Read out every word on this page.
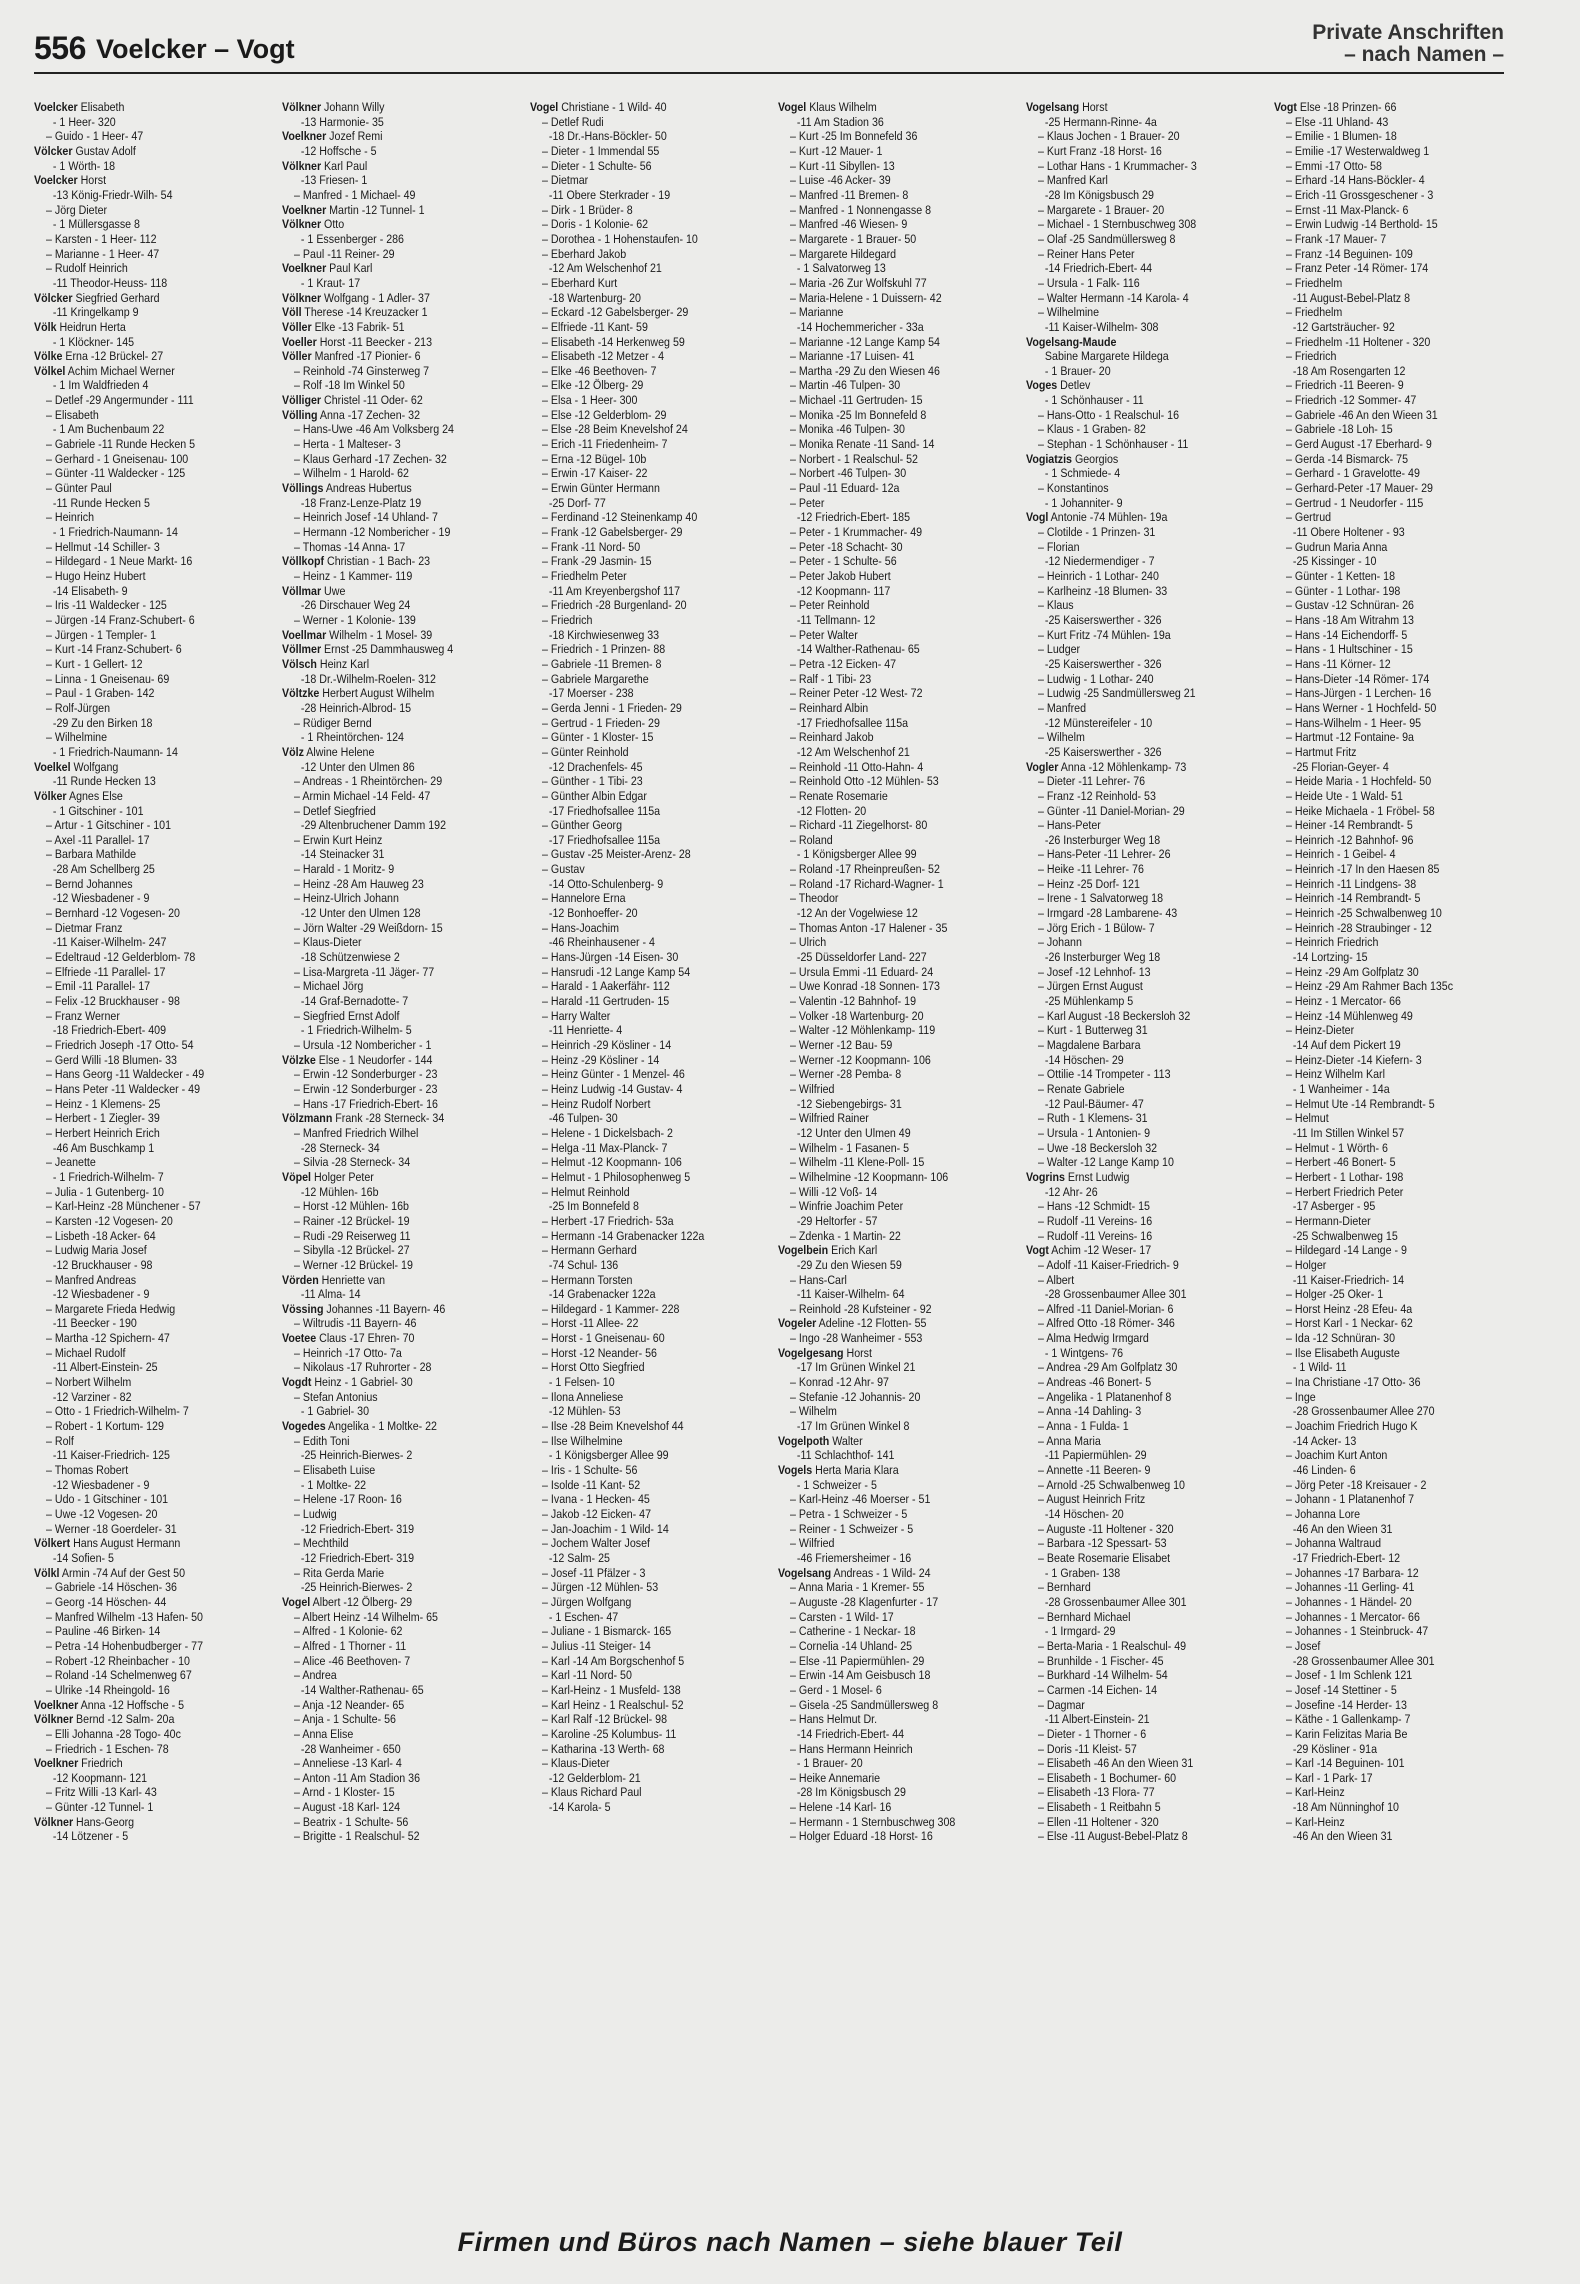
556 Voelcker – Vogt
Private Anschriften
– nach Namen –
Voelcker Elisabeth
- 1 Heer- 320
– Guido - 1 Heer- 47
Völcker Gustav Adolf
- 1 Wörth- 18
Voelcker Horst
-13 König-Friedr-Wilh- 54
– Jörg Dieter
- 1 Müllersgasse 8
– Karsten - 1 Heer- 112
– Marianne - 1 Heer- 47
– Rudolf Heinrich
-11 Theodor-Heuss- 118
Völcker Siegfried Gerhard
-11 Kringelkamp 9
Völk Heidrun Herta
- 1 Klöckner- 145
Völke Erna -12 Brückel- 27
Völkel Achim Michael Werner
- 1 Im Waldfrieden 4
– Detlef -29 Angermunder - 111
– Elisabeth
- 1 Am Buchenbaum 22
– Gabriele -11 Runde Hecken 5
– Gerhard - 1 Gneisenau- 100
– Günter -11 Waldecker - 125
– Günter Paul
-11 Runde Hecken 5
– Heinrich
- 1 Friedrich-Naumann- 14
– Hellmut -14 Schiller- 3
– Hildegard - 1 Neue Markt- 16
– Hugo Heinz Hubert
-14 Elisabeth- 9
– Iris -11 Waldecker - 125
– Jürgen -14 Franz-Schubert- 6
– Jürgen - 1 Templer- 1
– Kurt -14 Franz-Schubert- 6
– Kurt - 1 Gellert- 12
– Linna - 1 Gneisenau- 69
– Paul - 1 Graben- 142
– Rolf-Jürgen
-29 Zu den Birken 18
– Wilhelmine
- 1 Friedrich-Naumann- 14
Voelkel Wolfgang
-11 Runde Hecken 13
Völker Agnes Else
- 1 Gitschiner - 101
– Artur - 1 Gitschiner - 101
– Axel -11 Parallel- 17
– Barbara Mathilde
-28 Am Schellberg 25
– Bernd Johannes
-12 Wiesbadener - 9
– Bernhard -12 Vogesen- 20
– Dietmar Franz
-11 Kaiser-Wilhelm- 247
– Edeltraud -12 Gelderblom- 78
– Elfriede -11 Parallel- 17
– Emil -11 Parallel- 17
– Felix -12 Bruckhauser - 98
– Franz Werner
-18 Friedrich-Ebert- 409
– Friedrich Joseph -17 Otto- 54
– Gerd Willi -18 Blumen- 33
– Hans Georg -11 Waldecker - 49
– Hans Peter -11 Waldecker - 49
– Heinz - 1 Klemens- 25
– Herbert - 1 Ziegler- 39
– Herbert Heinrich Erich
-46 Am Buschkamp 1
– Jeanette
- 1 Friedrich-Wilhelm- 7
– Julia - 1 Gutenberg- 10
– Karl-Heinz -28 Münchener - 57
– Karsten -12 Vogesen- 20
– Lisbeth -18 Acker- 64
– Ludwig Maria Josef
-12 Bruckhauser - 98
– Manfred Andreas
-12 Wiesbadener - 9
– Margarete Frieda Hedwig
-11 Beecker - 190
– Martha -12 Spichern- 47
– Michael Rudolf
-11 Albert-Einstein- 25
– Norbert Wilhelm
-12 Varziner - 82
– Otto - 1 Friedrich-Wilhelm- 7
– Robert - 1 Kortum- 129
– Rolf
-11 Kaiser-Friedrich- 125
– Thomas Robert
-12 Wiesbadener - 9
– Udo - 1 Gitschiner - 101
– Uwe -12 Vogesen- 20
– Werner -18 Goerdeler- 31
Völkert Hans August Hermann
-14 Sofien- 5
Völkl Armin -74 Auf der Gest 50
– Gabriele -14 Höschen- 36
– Georg -14 Höschen- 44
– Manfred Wilhelm -13 Hafen- 50
– Pauline -46 Birken- 14
– Petra -14 Hohenbudberger - 77
– Robert -12 Rheinbacher - 10
– Roland -14 Schelmenweg 67
– Ulrike -14 Rheingold- 16
Voelkner Anna -12 Hoffsche - 5
Völkner Bernd -12 Salm- 20a
– Elli Johanna -28 Togo- 40c
– Friedrich - 1 Eschen- 78
Voelkner Friedrich
-12 Koopmann- 121
– Fritz Willi -13 Karl- 43
– Günter -12 Tunnel- 1
Völkner Hans-Georg
-14 Lötzener - 5
Völkner Johann Willy
-13 Harmonie- 35
Voelkner Jozef Remi
-12 Hoffsche - 5
Völkner Karl Paul
-13 Friesen- 1
– Manfred - 1 Michael- 49
Voelkner Martin -12 Tunnel- 1
Völkner Otto
- 1 Essenberger - 286
– Paul -11 Reiner- 29
Voelkner Paul Karl
- 1 Kraut- 17
Völkner Wolfgang - 1 Adler- 37
Völl Therese -14 Kreuzacker 1
Völler Elke -13 Fabrik- 51
Voeller Horst -11 Beecker - 213
Völler Manfred -17 Pionier- 6
– Reinhold -74 Ginsterweg 7
– Rolf -18 Im Winkel 50
Völliger Christel -11 Oder- 62
Völling Anna -17 Zechen- 32
– Hans-Uwe -46 Am Volksberg 24
– Herta - 1 Malteser- 3
– Klaus Gerhard -17 Zechen- 32
– Wilhelm - 1 Harold- 62
Völlings Andreas Hubertus
-18 Franz-Lenze-Platz 19
– Heinrich Josef -14 Uhland- 7
– Hermann -12 Nombericher - 19
– Thomas -14 Anna- 17
Völlkopf Christian - 1 Bach- 23
– Heinz - 1 Kammer- 119
Völlmar Uwe
-26 Dirschauer Weg 24
– Werner - 1 Kolonie- 139
Voellmar Wilhelm - 1 Mosel- 39
Völlmer Ernst -25 Dammhausweg 4
Völsch Heinz Karl
-18 Dr.-Wilhelm-Roelen- 312
Völtzke Herbert August Wilhelm
-28 Heinrich-Albrod- 15
– Rüdiger Bernd
- 1 Rheintörchen- 124
Völz Alwine Helene
-12 Unter den Ulmen 86
– Andreas - 1 Rheintörchen- 29
– Armin Michael -14 Feld- 47
– Detlef Siegfried
-29 Altenbruchener Damm 192
– Erwin Kurt Heinz
-14 Steinacker 31
– Harald - 1 Moritz- 9
– Heinz -28 Am Hauweg 23
– Heinz-Ulrich Johann
-12 Unter den Ulmen 128
– Jörn Walter -29 Weißdorn- 15
– Klaus-Dieter
-18 Schützenwiese 2
– Lisa-Margreta -11 Jäger- 77
– Michael Jörg
-14 Graf-Bernadotte- 7
– Siegfried Ernst Adolf
- 1 Friedrich-Wilhelm- 5
– Ursula -12 Nombericher - 1
Völzke Else - 1 Neudorfer - 144
– Erwin -12 Sonderburger - 23
– Erwin -12 Sonderburger - 23
– Hans -17 Friedrich-Ebert- 16
Völzmann Frank -28 Sterneck- 34
– Manfred Friedrich Wilhel
-28 Sterneck- 34
– Silvia -28 Sterneck- 34
Vöpel Holger Peter
-12 Mühlen- 16b
– Horst -12 Mühlen- 16b
– Rainer -12 Brückel- 19
– Rudi -29 Reiserweg 11
– Sibylla -12 Brückel- 27
– Werner -12 Brückel- 19
Vörden Henriette van
-11 Alma- 14
Vössing Johannes -11 Bayern- 46
– Wiltrudis -11 Bayern- 46
Voetee Claus -17 Ehren- 70
– Heinrich -17 Otto- 7a
– Nikolaus -17 Ruhrorter - 28
Vogdt Heinz - 1 Gabriel- 30
– Stefan Antonius
- 1 Gabriel- 30
Vogedes Angelika - 1 Moltke- 22
– Edith Toni
-25 Heinrich-Bierwes- 2
– Elisabeth Luise
- 1 Moltke- 22
– Helene -17 Roon- 16
– Ludwig
-12 Friedrich-Ebert- 319
– Mechthild
-12 Friedrich-Ebert- 319
– Rita Gerda Marie
-25 Heinrich-Bierwes- 2
Vogel Albert -12 Ölberg- 29
– Albert Heinz -14 Wilhelm- 65
– Alfred - 1 Kolonie- 62
– Alfred - 1 Thorner - 11
– Alice -46 Beethoven- 7
– Andrea
-14 Walther-Rathenau- 65
– Anja -12 Neander- 65
– Anja - 1 Schulte- 56
– Anna Elise
-28 Wanheimer - 650
– Anneliese -13 Karl- 4
– Anton -11 Am Stadion 36
– Arnd - 1 Kloster- 15
– August -18 Karl- 124
– Beatrix - 1 Schulte- 56
– Brigitte - 1 Realschul- 52
Vogel Christiane - 1 Wild- 40
– Detlef Rudi
-18 Dr.-Hans-Böckler- 50
– Dieter - 1 Immendal 55
– Dieter - 1 Schulte- 56
– Dietmar
-11 Obere Sterkrader - 19
– Dirk - 1 Brüder- 8
– Doris - 1 Kolonie- 62
– Dorothea - 1 Hohenstaufen- 10
– Eberhard Jakob
-12 Am Welschenhof 21
– Eberhard Kurt
-18 Wartenburg- 20
– Eckard -12 Gabelsberger- 29
– Elfriede -11 Kant- 59
– Elisabeth -14 Herkenweg 59
– Elisabeth -12 Metzer - 4
– Elke -46 Beethoven- 7
– Elke -12 Ölberg- 29
– Elsa - 1 Heer- 300
– Else -12 Gelderblom- 29
– Else -28 Beim Knevelshof 24
– Erich -11 Friedenheim- 7
– Erna -12 Bügel- 10b
– Erwin -17 Kaiser- 22
– Erwin Günter Hermann
-25 Dorf- 77
– Ferdinand -12 Steinenkamp 40
– Frank -12 Gabelsberger- 29
– Frank -11 Nord- 50
– Frank -29 Jasmin- 15
– Friedhelm Peter
-11 Am Kreyenbergshof 117
– Friedrich -28 Burgenland- 20
– Friedrich
-18 Kirchwiesenweg 33
– Friedrich - 1 Prinzen- 88
– Gabriele -11 Bremen- 8
– Gabriele Margarethe
-17 Moerser - 238
– Gerda Jenni - 1 Frieden- 29
– Gertrud - 1 Frieden- 29
– Günter - 1 Kloster- 15
– Günter Reinhold
-12 Drachenfels- 45
– Günther - 1 Tibi- 23
– Günther Albin Edgar
-17 Friedhofsallee 115a
– Günther Georg
-17 Friedhofsallee 115a
– Gustav -25 Meister-Arenz- 28
– Gustav
-14 Otto-Schulenberg- 9
– Hannelore Erna
-12 Bonhoeffer- 20
– Hans-Joachim
-46 Rheinhausener - 4
– Hans-Jürgen -14 Eisen- 30
– Hansrudi -12 Lange Kamp 54
– Harald - 1 Aakerfähr- 112
– Harald -11 Gertruden- 15
– Harry Walter
-11 Henriette- 4
– Heinrich -29 Kösliner - 14
– Heinz -29 Kösliner - 14
– Heinz Günter - 1 Menzel- 46
– Heinz Ludwig -14 Gustav- 4
– Heinz Rudolf Norbert
-46 Tulpen- 30
– Helene - 1 Dickelsbach- 2
– Helga -11 Max-Planck- 7
– Helmut -12 Koopmann- 106
– Helmut - 1 Philosophenweg 5
– Helmut Reinhold
-25 Im Bonnefeld 8
– Herbert -17 Friedrich- 53a
– Hermann -14 Grabenacker 122a
– Hermann Gerhard
-74 Schul- 136
– Hermann Torsten
-14 Grabenacker 122a
– Hildegard - 1 Kammer- 228
– Horst -11 Allee- 22
– Horst - 1 Gneisenau- 60
– Horst -12 Neander- 56
– Horst Otto Siegfried
- 1 Felsen- 10
– Ilona Anneliese
-12 Mühlen- 53
– Ilse -28 Beim Knevelshof 44
– Ilse Wilhelmine
- 1 Königsberger Allee 99
– Iris - 1 Schulte- 56
– Isolde -11 Kant- 52
– Ivana - 1 Hecken- 45
– Jakob -12 Eicken- 47
– Jan-Joachim - 1 Wild- 14
– Jochem Walter Josef
-12 Salm- 25
– Josef -11 Pfälzer - 3
– Jürgen -12 Mühlen- 53
– Jürgen Wolfgang
- 1 Eschen- 47
– Juliane - 1 Bismarck- 165
– Julius -11 Steiger- 14
– Karl -14 Am Borgschenhof 5
– Karl -11 Nord- 50
– Karl-Heinz - 1 Musfeld- 138
– Karl Heinz - 1 Realschul- 52
– Karl Ralf -12 Brückel- 98
– Karoline -25 Kolumbus- 11
– Katharina -13 Werth- 68
– Klaus-Dieter
-12 Gelderblom- 21
– Klaus Richard Paul
-14 Karola- 5
Vogel Klaus Wilhelm
-11 Am Stadion 36
– Kurt -25 Im Bonnefeld 36
– Kurt -12 Mauer- 1
– Kurt -11 Sibyllen- 13
– Luise -46 Acker- 39
– Manfred -11 Bremen- 8
– Manfred - 1 Nonnengasse 8
– Manfred -46 Wiesen- 9
– Margarete - 1 Brauer- 50
– Margarete Hildegard
- 1 Salvatorweg 13
– Maria -26 Zur Wolfskuhl 77
– Maria-Helene - 1 Duissern- 42
– Marianne
-14 Hochemmericher - 33a
– Marianne -12 Lange Kamp 54
– Marianne -17 Luisen- 41
– Martha -29 Zu den Wiesen 46
– Martin -46 Tulpen- 30
– Michael -11 Gertruden- 15
– Monika -25 Im Bonnefeld 8
– Monika -46 Tulpen- 30
– Monika Renate -11 Sand- 14
– Norbert - 1 Realschul- 52
– Norbert -46 Tulpen- 30
– Paul -11 Eduard- 12a
– Peter
-12 Friedrich-Ebert- 185
– Peter - 1 Krummacher- 49
– Peter -18 Schacht- 30
– Peter - 1 Schulte- 56
– Peter Jakob Hubert
-12 Koopmann- 117
– Peter Reinhold
-11 Tellmann- 12
– Peter Walter
-14 Walther-Rathenau- 65
– Petra -12 Eicken- 47
– Ralf - 1 Tibi- 23
– Reiner Peter -12 West- 72
– Reinhard Albin
-17 Friedhofsallee 115a
– Reinhard Jakob
-12 Am Welschenhof 21
– Reinhold -11 Otto-Hahn- 4
– Reinhold Otto -12 Mühlen- 53
– Renate Rosemarie
-12 Flotten- 20
– Richard -11 Ziegelhorst- 80
– Roland
- 1 Königsberger Allee 99
– Roland -17 Rheinpreußen- 52
– Roland -17 Richard-Wagner- 1
– Theodor
-12 An der Vogelwiese 12
– Thomas Anton -17 Halener - 35
– Ulrich
-25 Düsseldorfer Land- 227
– Ursula Emmi -11 Eduard- 24
– Uwe Konrad -18 Sonnen- 173
– Valentin -12 Bahnhof- 19
– Volker -18 Wartenburg- 20
– Walter -12 Möhlenkamp- 119
– Werner -12 Bau- 59
– Werner -12 Koopmann- 106
– Werner -28 Pemba- 8
– Wilfried
-12 Siebengebirgs- 31
– Wilfried Rainer
-12 Unter den Ulmen 49
– Wilhelm - 1 Fasanen- 5
– Wilhelm -11 Klene-Poll- 15
– Wilhelmine -12 Koopmann- 106
– Willi -12 Voß- 14
– Winfrie Joachim Peter
-29 Heltorfer - 57
– Zdenka - 1 Martin- 22
Vogelbein Erich Karl
-29 Zu den Wiesen 59
– Hans-Carl
-11 Kaiser-Wilhelm- 64
– Reinhold -28 Kufsteiner - 92
Vogeler Adeline -12 Flotten- 55
– Ingo -28 Wanheimer - 553
Vogelgesang Horst
-17 Im Grünen Winkel 21
– Konrad -12 Ahr- 97
– Stefanie -12 Johannis- 20
– Wilhelm
-17 Im Grünen Winkel 8
Vogelpoth Walter
-11 Schlachthof- 141
Vogels Herta Maria Klara
- 1 Schweizer - 5
– Karl-Heinz -46 Moerser - 51
– Petra - 1 Schweizer - 5
– Reiner - 1 Schweizer - 5
– Wilfried
-46 Friemersheimer - 16
Vogelsang Andreas - 1 Wild- 24
– Anna Maria - 1 Kremer- 55
– Auguste -28 Klagenfurter - 17
– Carsten - 1 Wild- 17
– Catherine - 1 Neckar- 18
– Cornelia -14 Uhland- 25
– Else -11 Papiermühlen- 29
– Erwin -14 Am Geisbusch 18
– Gerd - 1 Mosel- 6
– Gisela -25 Sandmüllersweg 8
– Hans Helmut Dr.
-14 Friedrich-Ebert- 44
– Hans Hermann Heinrich
- 1 Brauer- 20
– Heike Annemarie
-28 Im Königsbusch 29
– Helene -14 Karl- 16
– Hermann - 1 Sternbuschweg 308
– Holger Eduard -18 Horst- 16
Vogelsang Horst
-25 Hermann-Rinne- 4a
– Klaus Jochen - 1 Brauer- 20
– Kurt Franz -18 Horst- 16
– Lothar Hans - 1 Krummacher- 3
– Manfred Karl
-28 Im Königsbusch 29
– Margarete - 1 Brauer- 20
– Michael - 1 Sternbuschweg 308
– Olaf -25 Sandmüllersweg 8
– Reiner Hans Peter
-14 Friedrich-Ebert- 44
– Ursula - 1 Falk- 116
– Walter Hermann -14 Karola- 4
– Wilhelmine
-11 Kaiser-Wilhelm- 308
Vogelsang-Maude
Sabine Margarete Hildega
- 1 Brauer- 20
Voges Detlev
- 1 Schönhauser - 11
– Hans-Otto - 1 Realschul- 16
– Klaus - 1 Graben- 82
– Stephan - 1 Schönhauser - 11
Vogiatzis Georgios
- 1 Schmiede- 4
– Konstantinos
- 1 Johanniter- 9
Vogl Antonie -74 Mühlen- 19a
– Clotilde - 1 Prinzen- 31
– Florian
-12 Niedermendiger - 7
– Heinrich - 1 Lothar- 240
– Karlheinz -18 Blumen- 33
– Klaus
-25 Kaiserswerther - 326
– Kurt Fritz -74 Mühlen- 19a
– Ludger
-25 Kaiserswerther - 326
– Ludwig - 1 Lothar- 240
– Ludwig -25 Sandmüllersweg 21
– Manfred
-12 Münstereifeler - 10
– Wilhelm
-25 Kaiserswerther - 326
Vogler Anna -12 Möhlenkamp- 73
– Dieter -11 Lehrer- 76
– Franz -12 Reinhold- 53
– Günter -11 Daniel-Morian- 29
– Hans-Peter
-26 Insterburger Weg 18
– Hans-Peter -11 Lehrer- 26
– Heike -11 Lehrer- 76
– Heinz -25 Dorf- 121
– Irene - 1 Salvatorweg 18
– Irmgard -28 Lambarene- 43
– Jörg Erich - 1 Bülow- 7
– Johann
-26 Insterburger Weg 18
– Josef -12 Lehnhof- 13
– Jürgen Ernst August
-25 Mühlenkamp 5
– Karl August -18 Beckersloh 32
– Kurt - 1 Butterweg 31
– Magdalene Barbara
-14 Höschen- 29
– Ottilie -14 Trompeter - 113
– Renate Gabriele
-12 Paul-Bäumer- 47
– Ruth - 1 Klemens- 31
– Ursula - 1 Antonien- 9
– Uwe -18 Beckersloh 32
– Walter -12 Lange Kamp 10
Vogrins Ernst Ludwig
-12 Ahr- 26
– Hans -12 Schmidt- 15
– Rudolf -11 Vereins- 16
– Rudolf -11 Vereins- 16
Vogt Achim -12 Weser- 17
– Adolf -11 Kaiser-Friedrich- 9
– Albert
-28 Grossenbaumer Allee 301
– Alfred -11 Daniel-Morian- 6
– Alfred Otto -18 Römer- 346
– Alma Hedwig Irmgard
- 1 Wintgens- 76
– Andrea -29 Am Golfplatz 30
– Andreas -46 Bonert- 5
– Angelika - 1 Platanenhof 8
– Anna -14 Dahling- 3
– Anna - 1 Fulda- 1
– Anna Maria
-11 Papiermühlen- 29
– Annette -11 Beeren- 9
– Arnold -25 Schwalbenweg 10
– August Heinrich Fritz
-14 Höschen- 20
– Auguste -11 Holtener - 320
– Barbara -12 Spessart- 53
– Beate Rosemarie Elisabet
- 1 Graben- 138
– Bernhard
-28 Grossenbaumer Allee 301
– Bernhard Michael
- 1 Irmgard- 29
– Berta-Maria - 1 Realschul- 49
– Brunhilde - 1 Fischer- 45
– Burkhard -14 Wilhelm- 54
– Carmen -14 Eichen- 14
– Dagmar
-11 Albert-Einstein- 21
– Dieter - 1 Thorner - 6
– Doris -11 Kleist- 57
– Elisabeth -46 An den Wieen 31
– Elisabeth - 1 Bochumer- 60
– Elisabeth -13 Flora- 77
– Elisabeth - 1 Reitbahn 5
– Ellen -11 Holtener - 320
– Else -11 August-Bebel-Platz 8
Vogt Else -18 Prinzen- 66
– Else -11 Uhland- 43
– Emilie - 1 Blumen- 18
– Emilie -17 Westerwaldweg 1
– Emmi -17 Otto- 58
– Erhard -14 Hans-Böckler- 4
– Erich -11 Grossgeschener - 3
– Ernst -11 Max-Planck- 6
– Erwin Ludwig -14 Berthold- 15
– Frank -17 Mauer- 7
– Franz -14 Beguinen- 109
– Franz Peter -14 Römer- 174
– Friedhelm
-11 August-Bebel-Platz 8
– Friedhelm
-12 Gartsträucher- 92
– Friedhelm -11 Holtener - 320
– Friedrich
-18 Am Rosengarten 12
– Friedrich -11 Beeren- 9
– Friedrich -12 Sommer- 47
– Gabriele -46 An den Wieen 31
– Gabriele -18 Loh- 15
– Gerd August -17 Eberhard- 9
– Gerda -14 Bismarck- 75
– Gerhard - 1 Gravelotte- 49
– Gerhard-Peter -17 Mauer- 29
– Gertrud - 1 Neudorfer - 115
– Gertrud
-11 Obere Holtener - 93
– Gudrun Maria Anna
-25 Kissinger - 10
– Günter - 1 Ketten- 18
– Günter - 1 Lothar- 198
– Gustav -12 Schnüran- 26
– Hans -18 Am Witrahm 13
– Hans -14 Eichendorff- 5
– Hans - 1 Hultschiner - 15
– Hans -11 Körner- 12
– Hans-Dieter -14 Römer- 174
– Hans-Jürgen - 1 Lerchen- 16
– Hans Werner - 1 Hochfeld- 50
– Hans-Wilhelm - 1 Heer- 95
– Hartmut -12 Fontaine- 9a
– Hartmut Fritz
-25 Florian-Geyer- 4
– Heide Maria - 1 Hochfeld- 50
– Heide Ute - 1 Wald- 51
– Heike Michaela - 1 Fröbel- 58
– Heiner -14 Rembrandt- 5
– Heinrich -12 Bahnhof- 96
– Heinrich - 1 Geibel- 4
– Heinrich -17 In den Haesen 85
– Heinrich -11 Lindgens- 38
– Heinrich -14 Rembrandt- 5
– Heinrich -25 Schwalbenweg 10
– Heinrich -28 Straubinger - 12
– Heinrich Friedrich
-14 Lortzing- 15
– Heinz -29 Am Golfplatz 30
– Heinz -29 Am Rahmer Bach 135c
– Heinz - 1 Mercator- 66
– Heinz -14 Mühlenweg 49
– Heinz-Dieter
-14 Auf dem Pickert 19
– Heinz-Dieter -14 Kiefern- 3
– Heinz Wilhelm Karl
- 1 Wanheimer - 14a
– Helmut Ute -14 Rembrandt- 5
– Helmut
-11 Im Stillen Winkel 57
– Helmut - 1 Wörth- 6
– Herbert -46 Bonert- 5
– Herbert - 1 Lothar- 198
– Herbert Friedrich Peter
-17 Asberger - 95
– Hermann-Dieter
-25 Schwalbenweg 15
– Hildegard -14 Lange - 9
– Holger
-11 Kaiser-Friedrich- 14
– Holger -25 Oker- 1
– Horst Heinz -28 Efeu- 4a
– Horst Karl - 1 Neckar- 62
– Ida -12 Schnüran- 30
– Ilse Elisabeth Auguste
- 1 Wild- 11
– Ina Christiane -17 Otto- 36
– Inge
-28 Grossenbaumer Allee 270
– Joachim Friedrich Hugo K
-14 Acker- 13
– Joachim Kurt Anton
-46 Linden- 6
– Jörg Peter -18 Kreisauer - 2
– Johann - 1 Platanenhof 7
– Johanna Lore
-46 An den Wieen 31
– Johanna Waltraud
-17 Friedrich-Ebert- 12
– Johannes -17 Barbara- 12
– Johannes -11 Gerling- 41
– Johannes - 1 Händel- 20
– Johannes - 1 Mercator- 66
– Johannes - 1 Steinbruck- 47
– Josef
-28 Grossenbaumer Allee 301
– Josef - 1 Im Schlenk 121
– Josef -14 Stettiner - 5
– Josefine -14 Herder- 13
– Käthe - 1 Gallenkamp- 7
– Karin Felizitas Maria Be
-29 Kösliner - 91a
– Karl -14 Beguinen- 101
– Karl - 1 Park- 17
– Karl-Heinz
-18 Am Nünninghof 10
– Karl-Heinz
-46 An den Wieen 31
Firmen und Büros nach Namen – siehe blauer Teil
